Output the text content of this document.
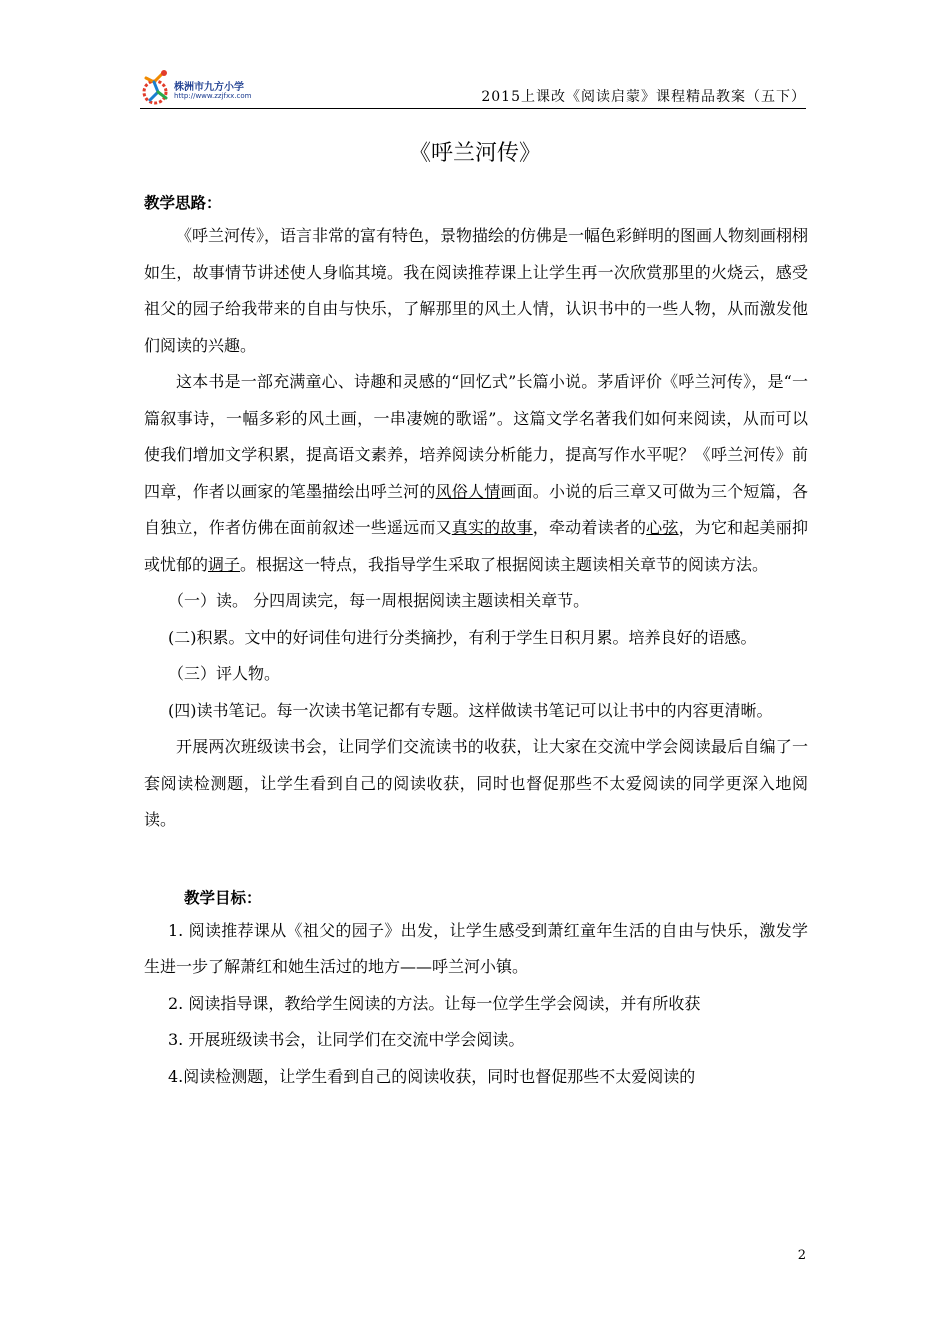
株洲市九方小学
http://www.zzjfxx.com	2015上课改《阅读启蒙》课程精品教案（五下）
《呼兰河传》
教学思路：

《呼兰河传》，语言非常的富有特色，景物描绘的仿佛是一幅色彩鲜明的图画人物刻画栩栩如生，故事情节讲述使人身临其境。我在阅读推荐课上让学生再一次欣赏那里的火烧云，感受祖父的园子给我带来的自由与快乐，了解那里的风土人情，认识书中的一些人物，从而激发他们阅读的兴趣。

这本书是一部充满童心、诗趣和灵感的“回忆式”长篇小说。茅盾评价《呼兰河传》，是“一篇叙事诗，一幅多彩的风土画，一串凄婉的歌谣”。这篇文学名著我们如何来阅读，从而可以使我们增加文学积累，提高语文素养，培养阅读分析能力，提高写作水平呢？《呼兰河传》前四章，作者以画家的笔墨描绘出呼兰河的风俗人情画面。小说的后三章又可做为三个短篇，各自独立，作者仿佛在面前叙述一些遥远而又真实的故事，牵动着读者的心弦，为它和起美丽抑或忧郁的调子。根据这一特点，我指导学生采取了根据阅读主题读相关章节的阅读方法。

（一）读。 分四周读完，每一周根据阅读主题读相关章节。

(二)积累。文中的好词佳句进行分类摘抄，有利于学生日积月累。培养良好的语感。

（三）评人物。

(四)读书笔记。每一次读书笔记都有专题。这样做读书笔记可以让书中的内容更清晰。

开展两次班级读书会，让同学们交流读书的收获，让大家在交流中学会阅读最后自编了一套阅读检测题，让学生看到自己的阅读收获，同时也督促那些不太爱阅读的同学更深入地阅读。

教学目标：

1. 阅读推荐课从《祖父的园子》出发，让学生感受到萧红童年生活的自由与快乐，激发学生进一步了解萧红和她生活过的地方——呼兰河小镇。

2. 阅读指导课，教给学生阅读的方法。让每一位学生学会阅读，并有所收获

3. 开展班级读书会，让同学们在交流中学会阅读。

4.阅读检测题，让学生看到自己的阅读收获，同时也督促那些不太爱阅读的

2
